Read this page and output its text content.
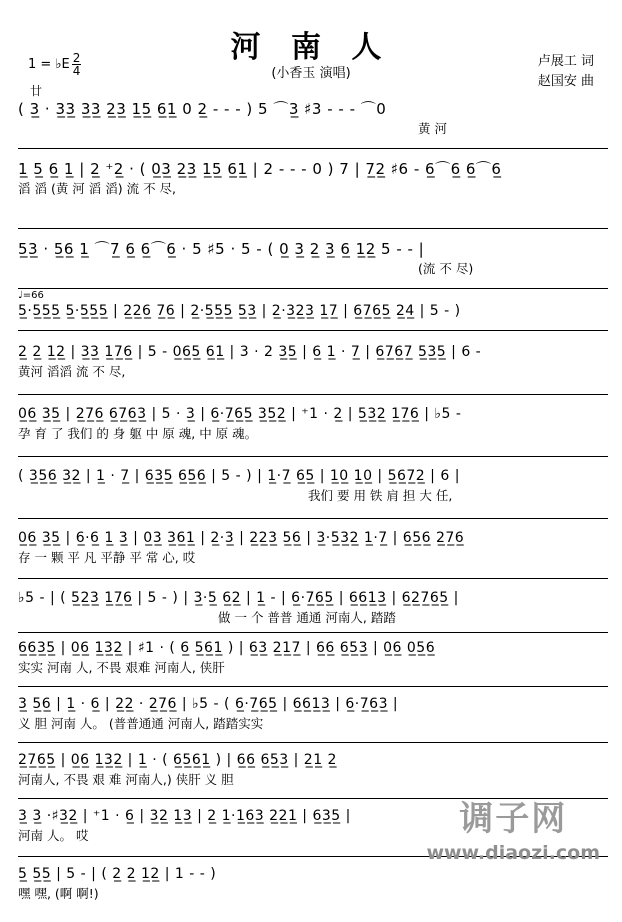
河 南 人
(小香玉 演唱)
1 = ♭E $\frac{2}{4}$	卢展工 词
赵国安 曲
廿
( 3̲ · 3̲3̲ 3̲3̲ 2̲3̲ 1̲5̲ 6̲1̲ 0 2̲ - - - ) 5 ⌒3̲ ♯3 - - - ⌒0
黄 河
1̲ 5̲ 6̲ 1̲ | 2̲ ⁺2̲ · ( 0̲3̲ 2̲3̲ 1̲5̲ 6̲1̲ | 2 - - - 0 ) 7 | 7̲2̲ ♯6 - 6̲⌒6̲ 6̲⌒6̲
滔 滔 (黄 河 滔 滔) 流 不 尽,
5̲3̲ · 5̲6̲ 1̲ ⌒7̲ 6̲ 6̲⌒6̲ · 5 ♯5 · 5 - ( 0̲ 3̲ 2̲ 3̲ 6̲ 1̲2̲ 5 - - |
(流 不 尽)
♩=66
5̲·5̲5̲5̲ 5̲·5̲5̲5̲ | 2̲2̲6̲ 7̲6̲ | 2̲·5̲5̲5̲ 5̲3̲ | 2̲·3̲2̲3̲ 1̲7̲ | 6̲7̲6̲5̲ 2̲4̲ | 5 - )
2̲ 2̲ 1̲2̲ | 3̲3̲ 1̲7̲6̲ | 5 - 0̲6̲5̲ 6̲1̲ | 3 · 2 3̲5̲ | 6̲ 1̲ · 7̲ | 6̲7̲6̲7̲ 5̲3̲5̲ | 6 -
黄河 滔滔 流 不 尽,
0̲6̲ 3̲5̲ | 2̲7̲6̲ 6̲7̲6̲3̲ | 5 · 3̲ | 6̲·7̲6̲5̲ 3̲5̲2̲ | ⁺1 · 2̲ | 5̲3̲2̲ 1̲7̲6̲ | ♭5 -
孕 育 了 我们 的 身 躯 中 原 魂, 中 原 魂。
( 3̲5̲6̲ 3̲2̲ | 1̲ · 7̲ | 6̲3̲5̲ 6̲5̲6̲ | 5 - ) | 1̲·7̲ 6̲5̲ | 1̲0̲ 1̲0̲ | 5̲6̲7̲2̲ | 6 |
我们 要 用 铁 肩 担 大 任,
0̲6̲ 3̲5̲ | 6̲·6̲ 1̲ 3̲ | 0̲3̲ 3̲6̲1̲ | 2̲·3̲ | 2̲2̲3̲ 5̲6̲ | 3̲·5̲3̲2̲ 1̲·7̲ | 6̲5̲6̲ 2̲7̲6̲
存 一 颗 平 凡 平静 平 常 心, 哎
♭5 - | ( 5̲2̲3̲ 1̲7̲6̲ | 5 - ) | 3̲·5̲ 6̲2̲ | 1̲ - | 6̲·7̲6̲5̲ | 6̲6̲1̲3̲ | 6̲2̲7̲6̲5̲ |
做 一 个 普普 通通 河南人, 踏踏
6̲6̲3̲5̲ | 0̲6̲ 1̲3̲2̲ | ♯1 · ( 6̲ 5̲6̲1̲ ) | 6̲3̲ 2̲1̲7̲ | 6̲6̲ 6̲5̲3̲ | 0̲6̲ 0̲5̲6̲
实实 河南 人, 不畏 艰难 河南人, 侠肝
3̲ 5̲6̲ | 1̲ · 6̲ | 2̲2̲ · 2̲7̲6̲ | ♭5 - ( 6̲·7̲6̲5̲ | 6̲6̲1̲3̲ | 6̲·7̲6̲3̲ |
义 胆 河南 人。 (普普通通 河南人, 踏踏实实
2̲7̲6̲5̲ | 0̲6̲ 1̲3̲2̲ | 1̲ · ( 6̲5̲6̲1̲ ) | 6̲6̲ 6̲5̲3̲ | 2̲1̲ 2̲
河南人, 不畏 艰 难 河南人,) 侠肝 义 胆
3̲ 3̲ ·♯3̲2̲ | ⁺1 · 6̲ | 3̲2̲ 1̲3̲ | 2̲ 1̲·1̲6̲3̲ 2̲2̲1̲ | 6̲3̲5̲ |
河南 人。 哎
5̲ 5̲5̲ | 5 - | ( 2̲ 2̲ 1̲2̲ | 1 - - )
嘿 嘿, (啊 啊!)
调子网
www.diaozi.com
